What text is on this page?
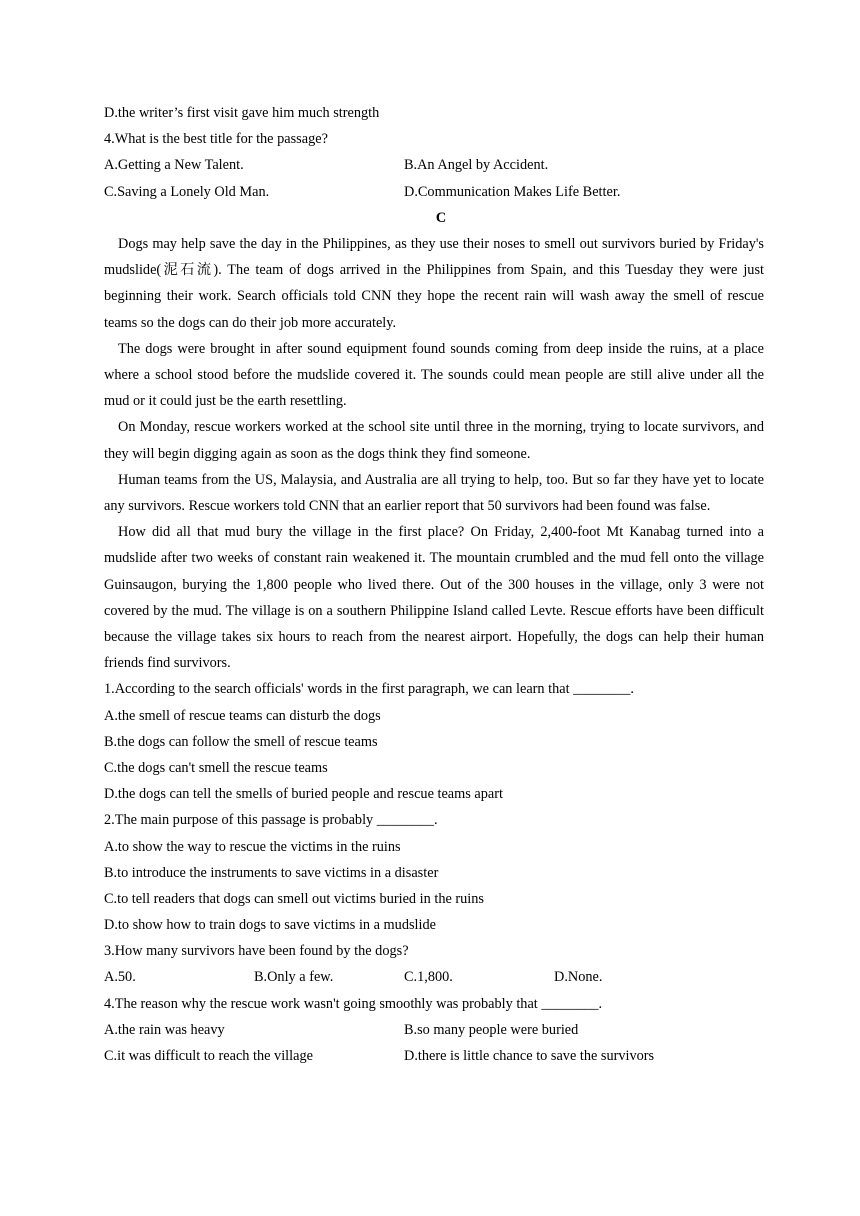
D.the writer’s first visit gave him much strength
4.What is the best title for the passage?
A.Getting a New Talent.	B.An Angel by Accident.
C.Saving a Lonely Old Man.	D.Communication Makes Life Better.
C

Dogs may help save the day in the Philippines, as they use their noses to smell out survivors buried by Friday's mudslide(泥石流). The team of dogs arrived in the Philippines from Spain, and this Tuesday they were just beginning their work. Search officials told CNN they hope the recent rain will wash away the smell of rescue teams so the dogs can do their job more accurately.

The dogs were brought in after sound equipment found sounds coming from deep inside the ruins, at a place where a school stood before the mudslide covered it. The sounds could mean people are still alive under all the mud or it could just be the earth resettling.

On Monday, rescue workers worked at the school site until three in the morning, trying to locate survivors, and they will begin digging again as soon as the dogs think they find someone.

Human teams from the US, Malaysia, and Australia are all trying to help, too. But so far they have yet to locate any survivors. Rescue workers told CNN that an earlier report that 50 survivors had been found was false.

How did all that mud bury the village in the first place? On Friday, 2,400-foot Mt Kanabag turned into a mudslide after two weeks of constant rain weakened it. The mountain crumbled and the mud fell onto the village Guinsaugon, burying the 1,800 people who lived there. Out of the 300 houses in the village, only 3 were not covered by the mud. The village is on a southern Philippine Island called Levte. Rescue efforts have been difficult because the village takes six hours to reach from the nearest airport. Hopefully, the dogs can help their human friends find survivors.

1.According to the search officials' words in the first paragraph, we can learn that ________.
A.the smell of rescue teams can disturb the dogs
B.the dogs can follow the smell of rescue teams
C.the dogs can't smell the rescue teams
D.the dogs can tell the smells of buried people and rescue teams apart
2.The main purpose of this passage is probably ________.
A.to show the way to rescue the victims in the ruins
B.to introduce the instruments to save victims in a disaster
C.to tell readers that dogs can smell out victims buried in the ruins
D.to show how to train dogs to save victims in a mudslide
3.How many survivors have been found by the dogs?
A.50.	B.Only a few.	C.1,800.	D.None.
4.The reason why the rescue work wasn't going smoothly was probably that ________.
A.the rain was heavy	B.so many people were buried
C.it was difficult to reach the village	D.there is little chance to save the survivors
